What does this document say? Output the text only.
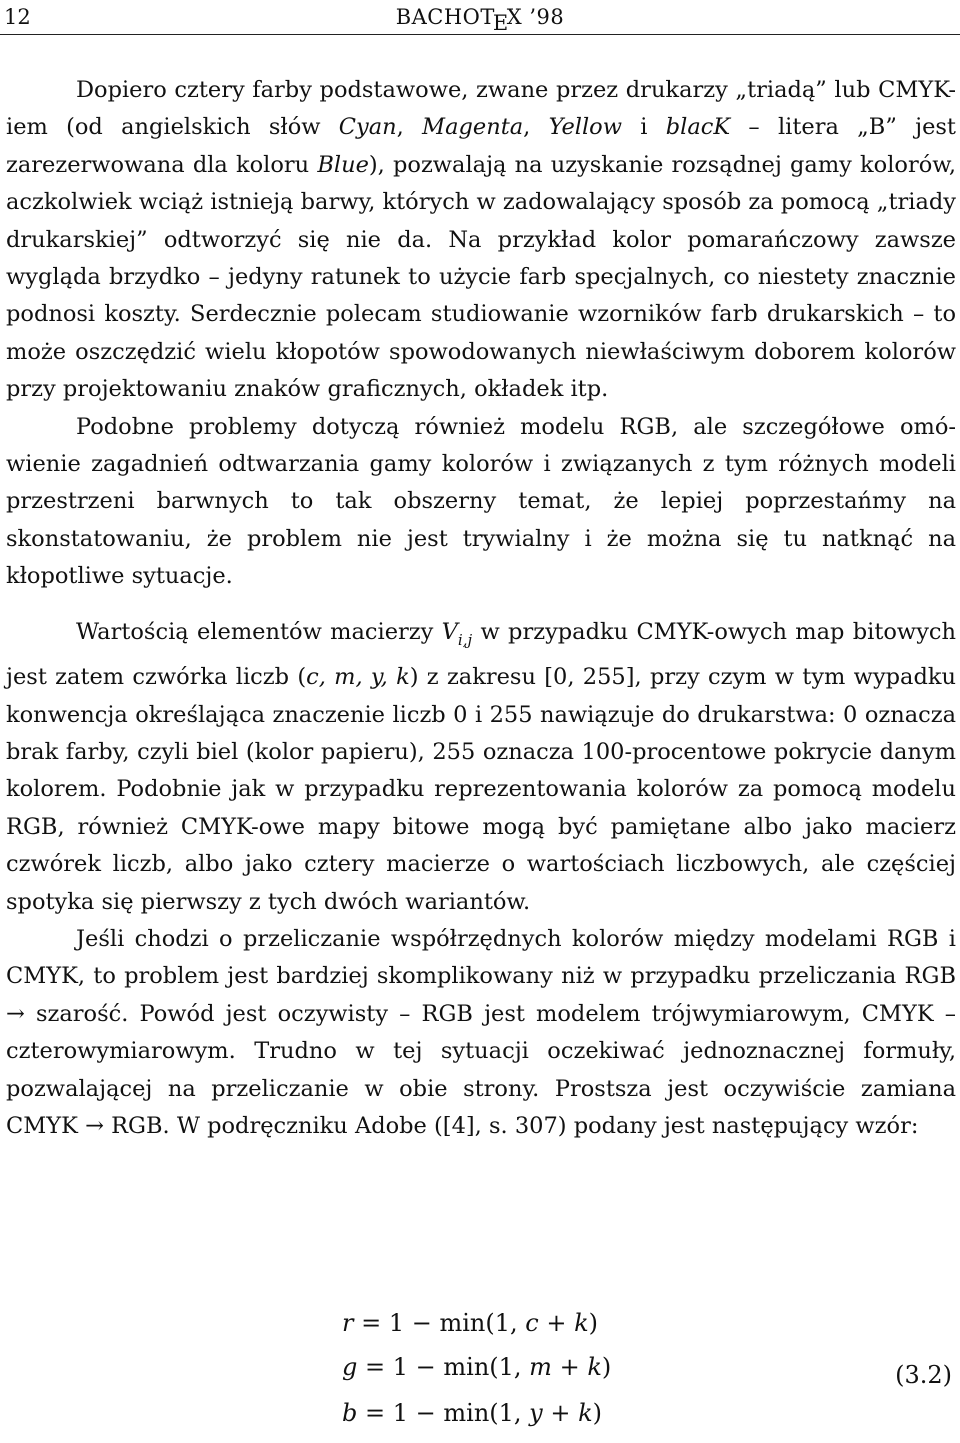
12	BACHOTEX ’98

Dopiero cztery farby podstawowe, zwane przez drukarzy „triadą” lub CMYK-iem (od angielskich słów Cyan, Magenta, Yellow i blacK – litera „B” jest zarezerwowana dla koloru Blue), pozwalają na uzyskanie rozsądnej gamy kolorów, aczkolwiek wciąż istnieją barwy, których w zadowalający sposób za pomocą „triady drukarskiej” odtworzyć się nie da. Na przykład kolor pomarańczowy zawsze wygląda brzydko – jedyny ratunek to użycie farb specjalnych, co niestety znacznie podnosi koszty. Serdecznie polecam studiowanie wzorników farb drukarskich – to może oszczędzić wielu kłopotów spowodowanych niewłaściwym doborem kolorów przy projektowaniu znaków graficznych, okładek itp.

Podobne problemy dotyczą również modelu RGB, ale szczegółowe omówienie zagadnień odtwarzania gamy kolorów i związanych z tym różnych modeli przestrzeni barwnych to tak obszerny temat, że lepiej poprzestańmy na skonstatowaniu, że problem nie jest trywialny i że można się tu natknąć na kłopotliwe sytuacje.

Wartością elementów macierzy $V_{i,j}$ w przypadku CMYK-owych map bitowych jest zatem czwórka liczb (c, m, y, k) z zakresu [0, 255], przy czym w tym wypadku konwencja określająca znaczenie liczb 0 i 255 nawiązuje do drukarstwa: 0 oznacza brak farby, czyli biel (kolor papieru), 255 oznacza 100-procentowe pokrycie danym kolorem. Podobnie jak w przypadku reprezentowania kolorów za pomocą modelu RGB, również CMYK-owe mapy bitowe mogą być pamiętane albo jako macierz czwórek liczb, albo jako cztery macierze o wartościach liczbowych, ale częściej spotyka się pierwszy z tych dwóch wariantów.

Jeśli chodzi o przeliczanie współrzędnych kolorów między modelami RGB i CMYK, to problem jest bardziej skomplikowany niż w przypadku przeliczania RGB → szarość. Powód jest oczywisty – RGB jest modelem trójwymiarowym, CMYK – czterowymiarowym. Trudno w tej sytuacji oczekiwać jednoznacznej formuły, pozwalającej na przeliczanie w obie strony. Prostsza jest oczywiście zamiana CMYK → RGB. W podręczniku Adobe ([4], s. 307) podany jest następujący wzór:

(3.2)
r = 1 − min(1, c + k)
g = 1 − min(1, m + k)
b = 1 − min(1, y + k)
